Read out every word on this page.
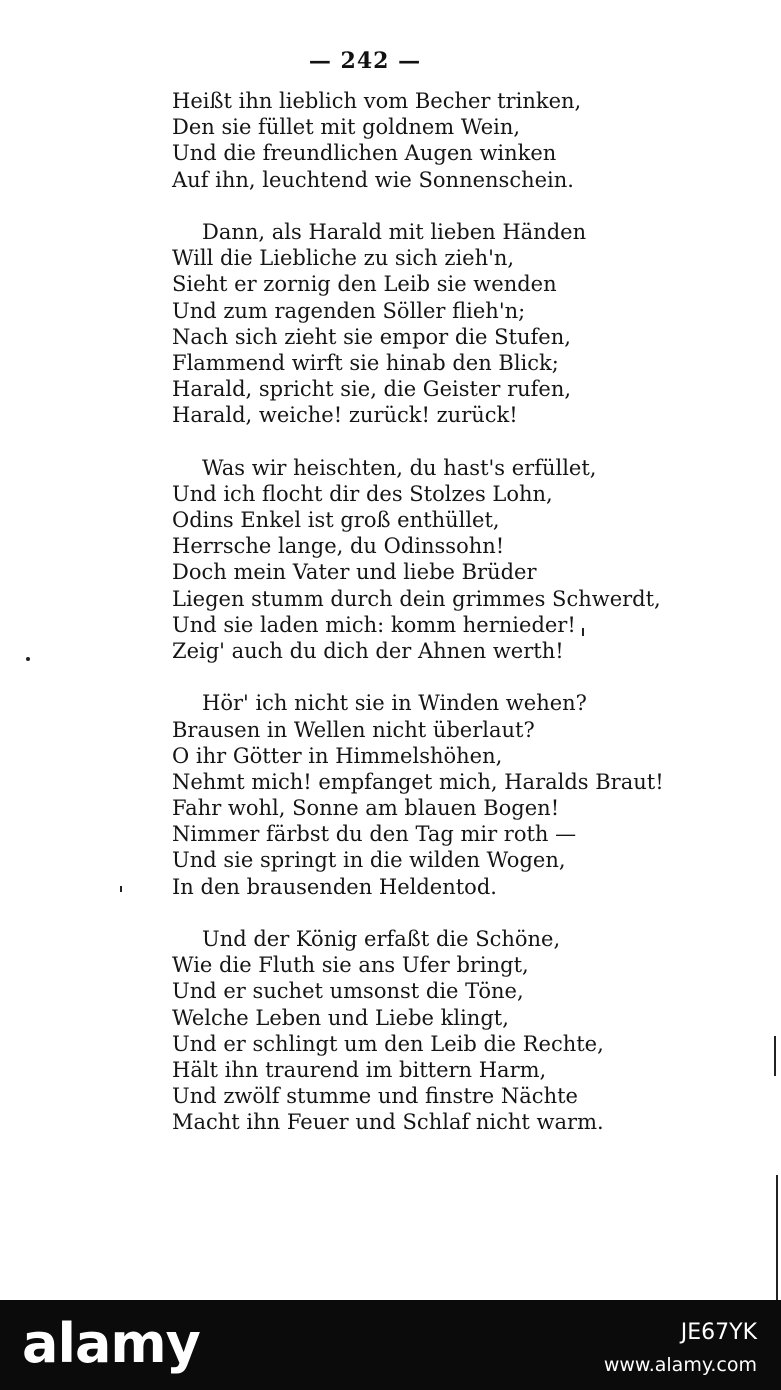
— 242 —
Heißt ihn lieblich vom Becher trinken,
Den sie füllet mit goldnem Wein,
Und die freundlichen Augen winken
Auf ihn, leuchtend wie Sonnenschein.
Dann, als Harald mit lieben Händen
Will die Liebliche zu sich zieh'n,
Sieht er zornig den Leib sie wenden
Und zum ragenden Söller flieh'n;
Nach sich zieht sie empor die Stufen,
Flammend wirft sie hinab den Blick;
Harald, spricht sie, die Geister rufen,
Harald, weiche! zurück! zurück!
Was wir heischten, du hast's erfüllet,
Und ich flocht dir des Stolzes Lohn,
Odins Enkel ist groß enthüllet,
Herrsche lange, du Odinssohn!
Doch mein Vater und liebe Brüder
Liegen stumm durch dein grimmes Schwerdt,
Und sie laden mich: komm hernieder!
Zeig' auch du dich der Ahnen werth!
Hör' ich nicht sie in Winden wehen?
Brausen in Wellen nicht überlaut?
O ihr Götter in Himmelshöhen,
Nehmt mich! empfanget mich, Haralds Braut!
Fahr wohl, Sonne am blauen Bogen!
Nimmer färbst du den Tag mir roth —
Und sie springt in die wilden Wogen,
In den brausenden Heldentod.
Und der König erfaßt die Schöne,
Wie die Fluth sie ans Ufer bringt,
Und er suchet umsonst die Töne,
Welche Leben und Liebe klingt,
Und er schlingt um den Leib die Rechte,
Hält ihn traurend im bittern Harm,
Und zwölf stumme und finstre Nächte
Macht ihn Feuer und Schlaf nicht warm.
alamy	JE67YK
www.alamy.com
